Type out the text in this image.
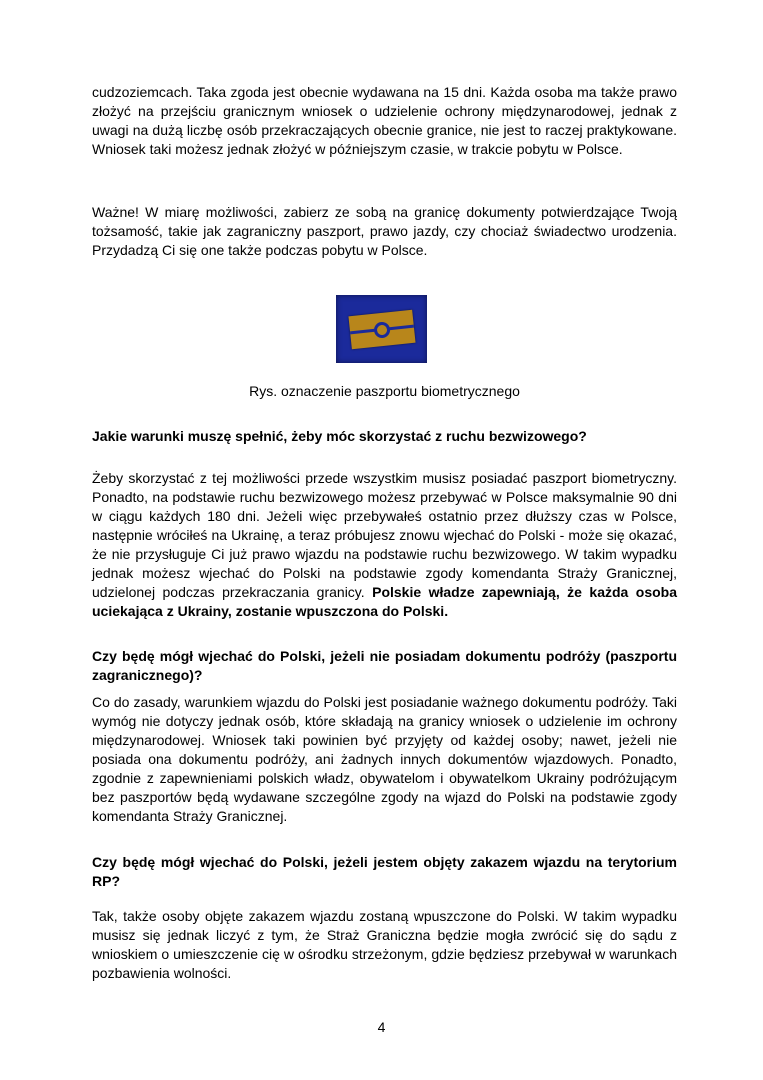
cudzoziemcach. Taka zgoda jest obecnie wydawana na 15 dni. Każda osoba ma także prawo złożyć na przejściu granicznym wniosek o udzielenie ochrony międzynarodowej, jednak z uwagi na dużą liczbę osób przekraczających obecnie granice, nie jest to raczej praktykowane. Wniosek taki możesz jednak złożyć w późniejszym czasie, w trakcie pobytu w Polsce.

Ważne! W miarę możliwości, zabierz ze sobą na granicę dokumenty potwierdzające Twoją tożsamość, takie jak zagraniczny paszport, prawo jazdy, czy chociaż świadectwo urodzenia. Przydadzą Ci się one także podczas pobytu w Polsce.

Rys. oznaczenie paszportu biometrycznego

Jakie warunki muszę spełnić, żeby móc skorzystać z ruchu bezwizowego?

Żeby skorzystać z tej możliwości przede wszystkim musisz posiadać paszport biometryczny. Ponadto, na podstawie ruchu bezwizowego możesz przebywać w Polsce maksymalnie 90 dni w ciągu każdych 180 dni. Jeżeli więc przebywałeś ostatnio przez dłuższy czas w Polsce, następnie wróciłeś na Ukrainę, a teraz próbujesz znowu wjechać do Polski - może się okazać, że nie przysługuje Ci już prawo wjazdu na podstawie ruchu bezwizowego. W takim wypadku jednak możesz wjechać do Polski na podstawie zgody komendanta Straży Granicznej, udzielonej podczas przekraczania granicy. Polskie władze zapewniają, że każda osoba uciekająca z Ukrainy, zostanie wpuszczona do Polski.

Czy będę mógł wjechać do Polski, jeżeli nie posiadam dokumentu podróży (paszportu zagranicznego)?

Co do zasady, warunkiem wjazdu do Polski jest posiadanie ważnego dokumentu podróży. Taki wymóg nie dotyczy jednak osób, które składają na granicy wniosek o udzielenie im ochrony międzynarodowej. Wniosek taki powinien być przyjęty od każdej osoby; nawet, jeżeli nie posiada ona dokumentu podróży, ani żadnych innych dokumentów wjazdowych. Ponadto, zgodnie z zapewnieniami polskich władz, obywatelom i obywatelkom Ukrainy podróżującym bez paszportów będą wydawane szczególne zgody na wjazd do Polski na podstawie zgody komendanta Straży Granicznej.

Czy będę mógł wjechać do Polski, jeżeli jestem objęty zakazem wjazdu na terytorium RP?

Tak, także osoby objęte zakazem wjazdu zostaną wpuszczone do Polski. W takim wypadku musisz się jednak liczyć z tym, że Straż Graniczna będzie mogła zwrócić się do sądu z wnioskiem o umieszczenie cię w ośrodku strzeżonym, gdzie będziesz przebywał w warunkach pozbawienia wolności.

4
